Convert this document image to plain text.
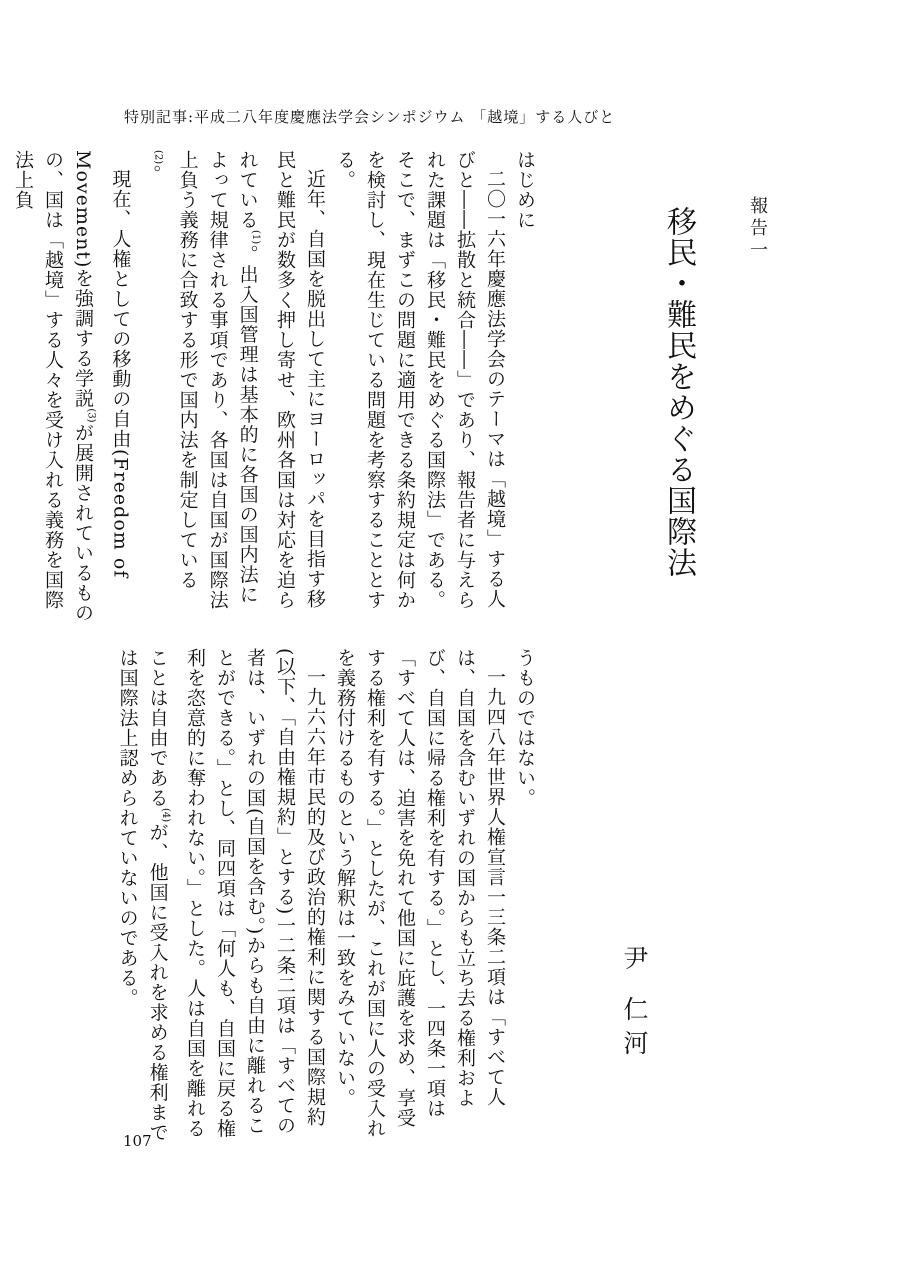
特別記事:平成二八年度慶應法学会シンポジウム 「越境」する人びと
報告一
移民・難民をめぐる国際法
尹 仁河

はじめに

二〇一六年慶應法学会のテーマは「越境」する人びと――拡散と統合――」であり、報告者に与えられた課題は「移民・難民をめぐる国際法」である。そこで、まずこの問題に適用できる条約規定は何かを検討し、現在生じている問題を考察することとする。

近年、自国を脱出して主にヨーロッパを目指す移民と難民が数多く押し寄せ、欧州各国は対応を迫られている$^{(1)}$。出入国管理は基本的に各国の国内法によって規律される事項であり、各国は自国が国際法上負う義務に合致する形で国内法を制定している$^{(2)}$。

現在、人権としての移動の自由(Freedom of Movement)を強調する学説$^{(3)}$が展開されているものの、国は「越境」する人々を受け入れる義務を国際法上負

うものではない。

一九四八年世界人権宣言一三条二項は「すべて人は、自国を含むいずれの国からも立ち去る権利および、自国に帰る権利を有する。」とし、一四条一項は「すべて人は、迫害を免れて他国に庇護を求め、享受する権利を有する。」としたが、これが国に人の受入れを義務付けるものという解釈は一致をみていない。

一九六六年市民的及び政治的権利に関する国際規約(以下、「自由権規約」とする)一二条二項は「すべての者は、いずれの国(自国を含む。)からも自由に離れることができる。」とし、同四項は「何人も、自国に戻る権利を恣意的に奪われない。」とした。人は自国を離れることは自由である$^{(4)}$が、他国に受入れを求める権利までは国際法上認められていないのである。

107
